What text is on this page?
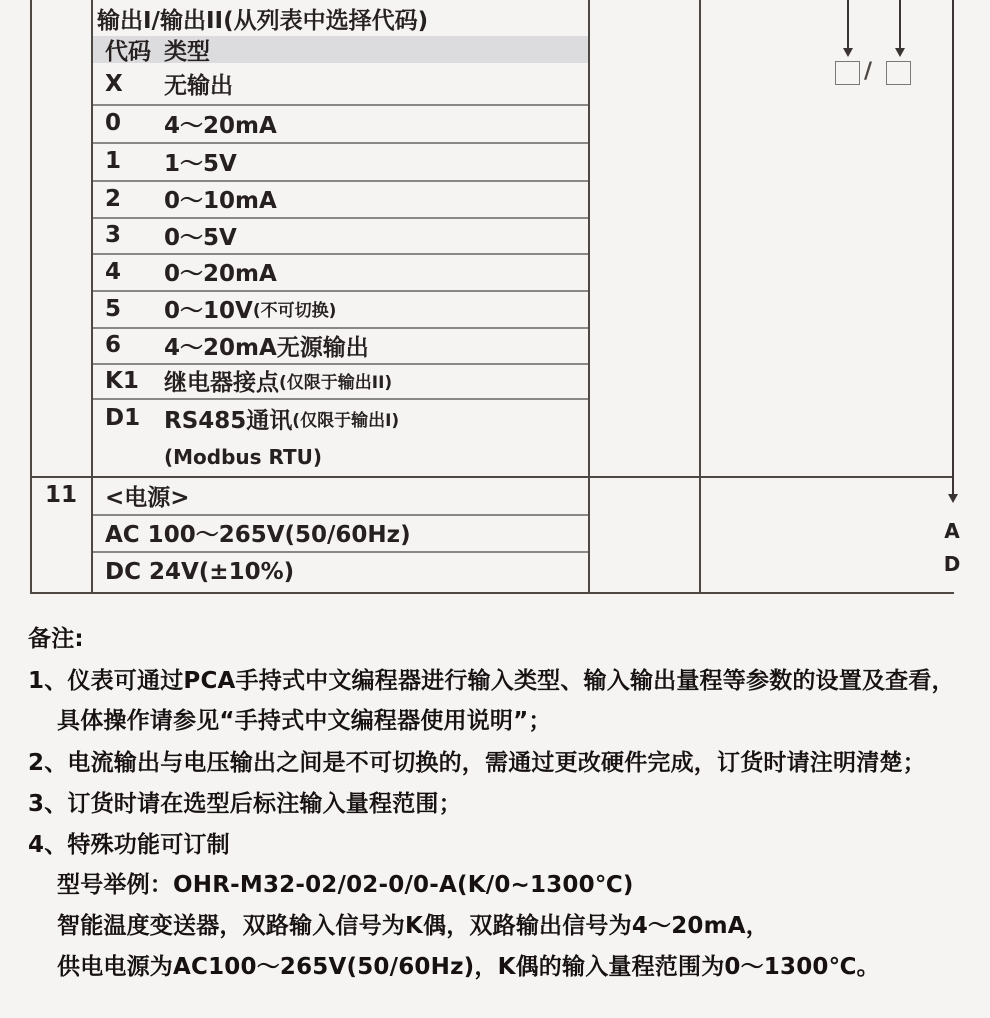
输出I/输出II(从列表中选择代码)
代码 类型
X	无输出
0	4～20mA
1	1～5V
2	0～10mA
3	0～5V
4	0～20mA
5	0～10V (不可切换)
6	4～20mA无源输出
K1	继电器接点 (仅限于输出II)
D1	RS485通讯 (仅限于输出I)
(Modbus RTU)
11	<电源>
AC 100～265V(50/60Hz)
DC 24V(±10%)
/
A
D
备注:
1、仪表可通过PCA手持式中文编程器进行输入类型、输入输出量程等参数的设置及查看，
具体操作请参见“手持式中文编程器使用说明”；
2、电流输出与电压输出之间是不可切换的，需通过更改硬件完成，订货时请注明清楚；
3、订货时请在选型后标注输入量程范围；
4、特殊功能可订制
型号举例：OHR-M32-02/02-0/0-A(K/0~1300℃)
智能温度变送器，双路输入信号为K偶，双路输出信号为4～20mA，
供电电源为AC100～265V(50/60Hz)，K偶的输入量程范围为0～1300℃。
